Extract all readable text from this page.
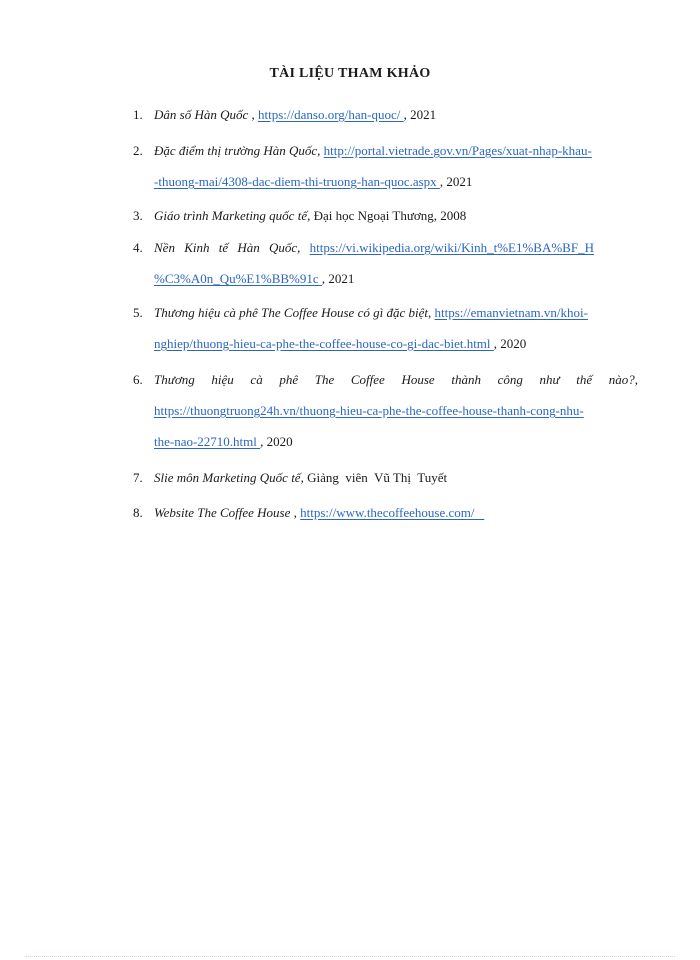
TÀI LIỆU THAM KHẢO
1. Dân số Hàn Quốc , https://danso.org/han-quoc/ , 2021
2. Đặc điểm thị trường Hàn Quốc, http://portal.vietrade.gov.vn/Pages/xuat-nhap-khau-
-thuong-mai/4308-dac-diem-thi-truong-han-quoc.aspx , 2021
3. Giáo trình Marketing quốc tế, Đại học Ngoại Thương, 2008
4. Nền Kinh tế Hàn Quốc, https://vi.wikipedia.org/wiki/Kinh_t%E1%BA%BF_H
%C3%A0n_Qu%E1%BB%91c , 2021
5. Thương hiệu cà phê The Coffee House có gì đặc biệt, https://emanvietnam.vn/khoi-
nghiep/thuong-hieu-ca-phe-the-coffee-house-co-gi-dac-biet.html , 2020
6. Thương hiệu cà phê The Coffee House thành công như thế nào?,
https://thuongtruong24h.vn/thuong-hieu-ca-phe-the-coffee-house-thanh-cong-nhu-
the-nao-22710.html , 2020
7. Slie môn Marketing Quốc tế, Giảng  viên  Vũ Thị  Tuyết
8. Website The Coffee House , https://www.thecoffeehouse.com/
